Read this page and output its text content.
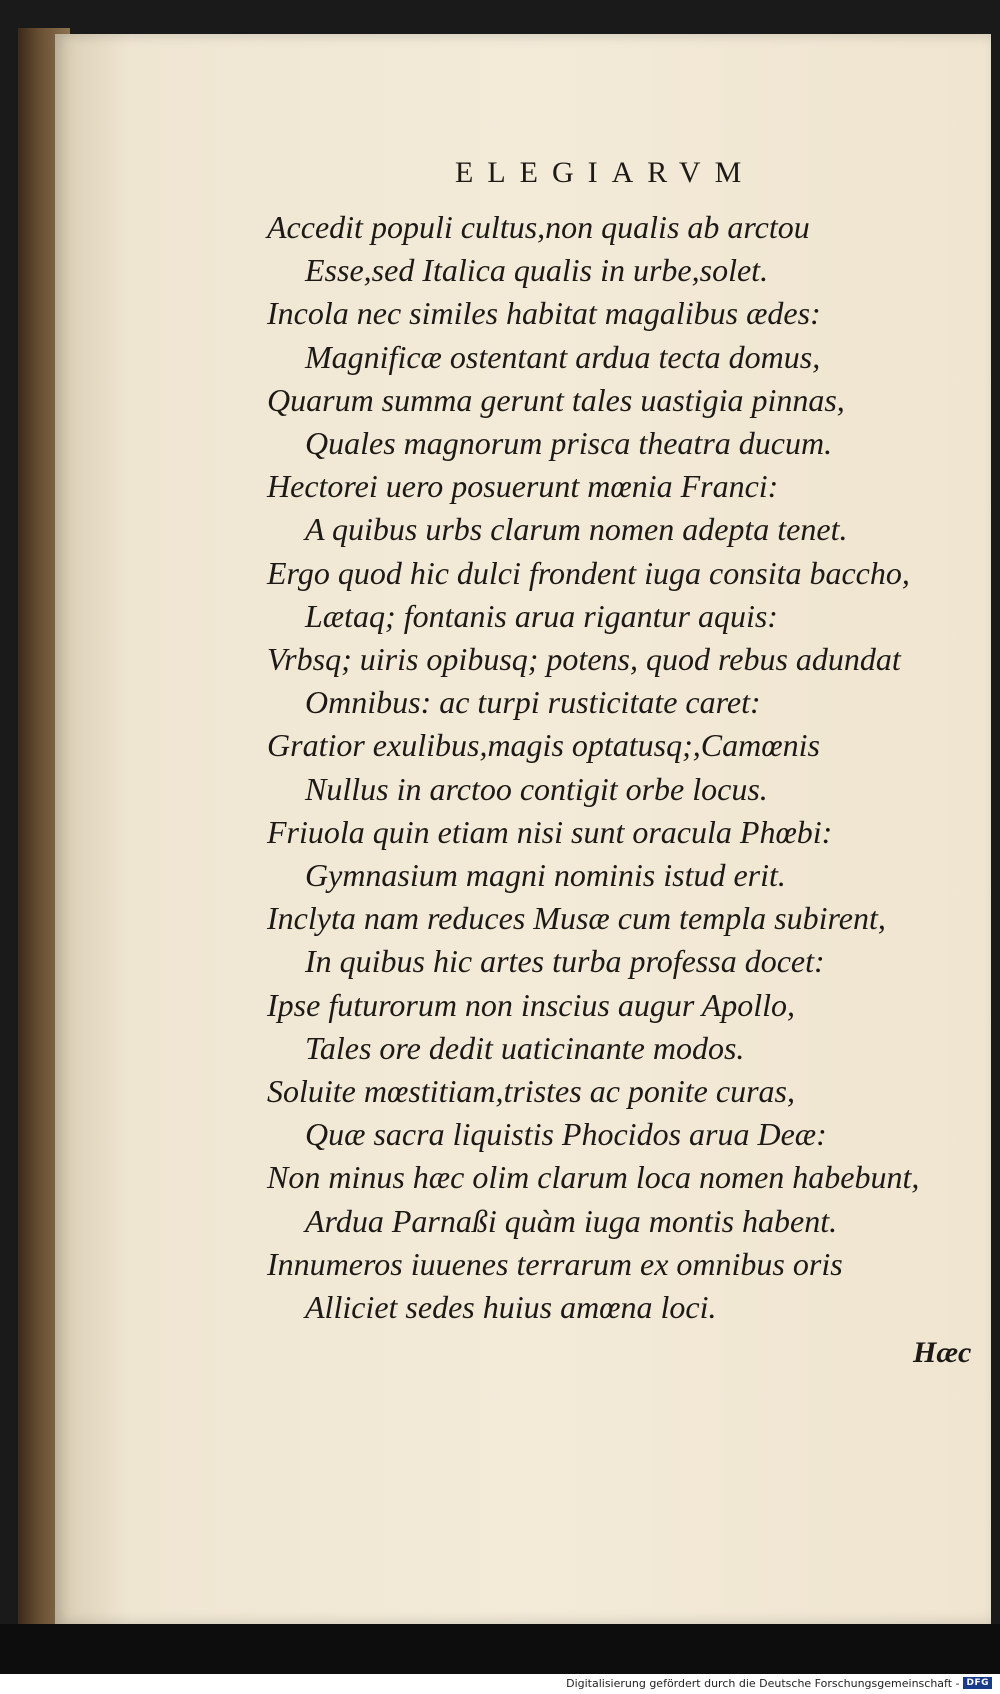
ELEGIARVM
Accedit populi cultus,non qualis ab arctoи
Esse,sed Italica qualis in urbe,solet.
Incola nec similes habitat magalibus ædes:
Magnificæ ostentant ardua tecta domus,
Quarum summa gerunt tales uastigia pinnas,
Quales magnorum prisca theatra ducum.
Hectorei uero posuerunt mœnia Franci:
A quibus urbs clarum nomen adepta tenet.
Ergo quod hic dulci frondent iuga consita baccho,
Lætaq; fontanis arua rigantur aquis:
Vrbsq; uiris opibusq; potens, quod rebus adundat
Omnibus: ac turpi rusticitate caret:
Gratior exulibus,magis optatusq;,Camœnis
Nullus in arctoo contigit orbe locus.
Friuola quin etiam nisi sunt oracula Phœbi:
Gymnasium magni nominis istud erit.
Inclyta nam reduces Musæ cum templa subirent,
In quibus hic artes turba professa docet:
Ipse futurorum non inscius augur Apollo,
Tales ore dedit uaticinante modos.
Soluite mœstitiam,tristes ac ponite curas,
Quæ sacra liquistis Phocidos arua Deæ:
Non minus hæc olim clarum loca nomen habebunt,
Ardua Parnaßi quàm iuga montis habent.
Innumeros iuuenes terrarum ex omnibus oris
Alliciet sedes huius amœna loci.
Hæc
Digitalisierung gefördert durch die Deutsche Forschungsgemeinschaft - DFG
